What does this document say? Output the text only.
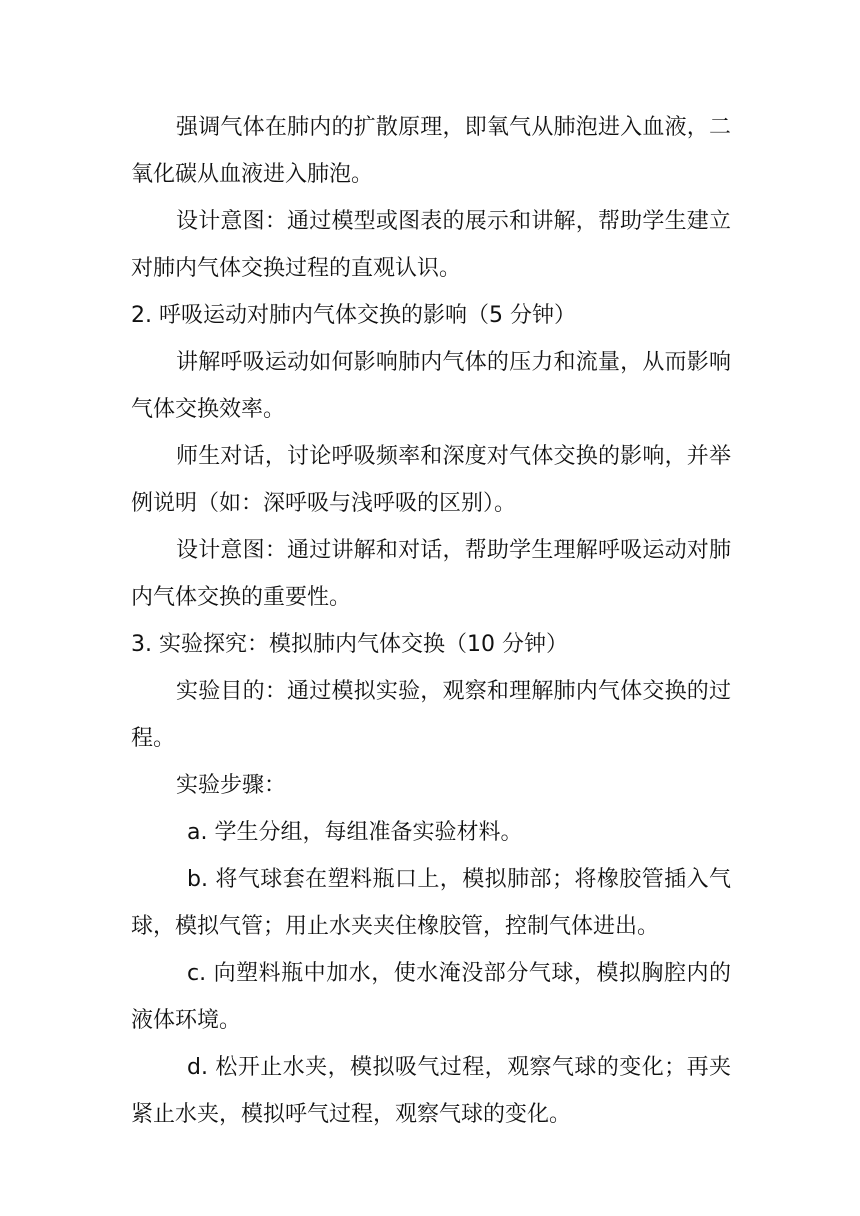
强调气体在肺内的扩散原理，即氧气从肺泡进入血液，二氧化碳从血液进入肺泡。

设计意图：通过模型或图表的展示和讲解，帮助学生建立对肺内气体交换过程的直观认识。

2. 呼吸运动对肺内气体交换的影响（5 分钟）

讲解呼吸运动如何影响肺内气体的压力和流量，从而影响气体交换效率。

师生对话，讨论呼吸频率和深度对气体交换的影响，并举例说明（如：深呼吸与浅呼吸的区别）。

设计意图：通过讲解和对话，帮助学生理解呼吸运动对肺内气体交换的重要性。

3. 实验探究：模拟肺内气体交换（10 分钟）

实验目的：通过模拟实验，观察和理解肺内气体交换的过程。

实验步骤：

a. 学生分组，每组准备实验材料。

b. 将气球套在塑料瓶口上，模拟肺部；将橡胶管插入气球，模拟气管；用止水夹夹住橡胶管，控制气体进出。

c. 向塑料瓶中加水，使水淹没部分气球，模拟胸腔内的液体环境。

d. 松开止水夹，模拟吸气过程，观察气球的变化；再夹紧止水夹，模拟呼气过程，观察气球的变化。
